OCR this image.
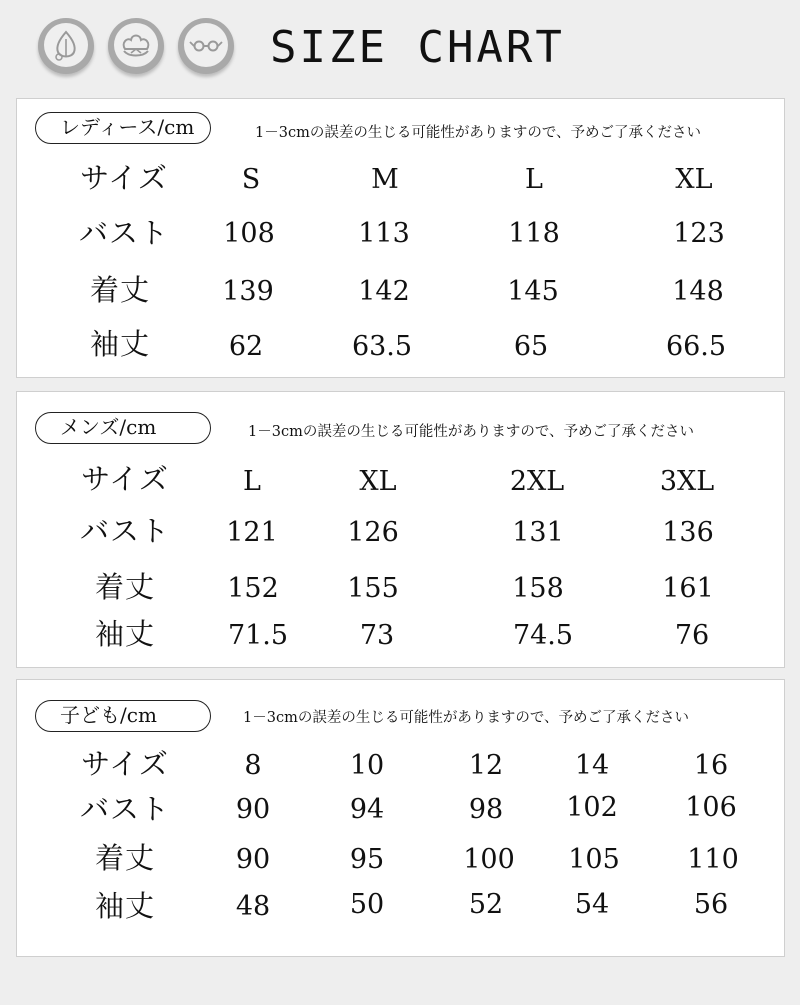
SIZE CHART
レディース/cm	1－3cmの誤差の生じる可能性がありますので、予めご了承ください
サイズ	S	M	L	XL
バスト 108	113	118	123
着丈	139	142	145	148
袖丈	62	63.5	65	66.5
メンズ/cm	1－3cmの誤差の生じる可能性がありますので、予めご了承ください
サイズ	L	XL	2XL	3XL
バスト 121	126	131	136
着丈	152	155	158	161
袖丈	71.5	73	74.5	76
子ども/cm	1－3cmの誤差の生じる可能性がありますので、予めご了承ください
サイズ	8	10	12	14	16
バスト 90	94	98 102 106
着丈	90	95	100 105 110
袖丈	48	50	52	54	56
